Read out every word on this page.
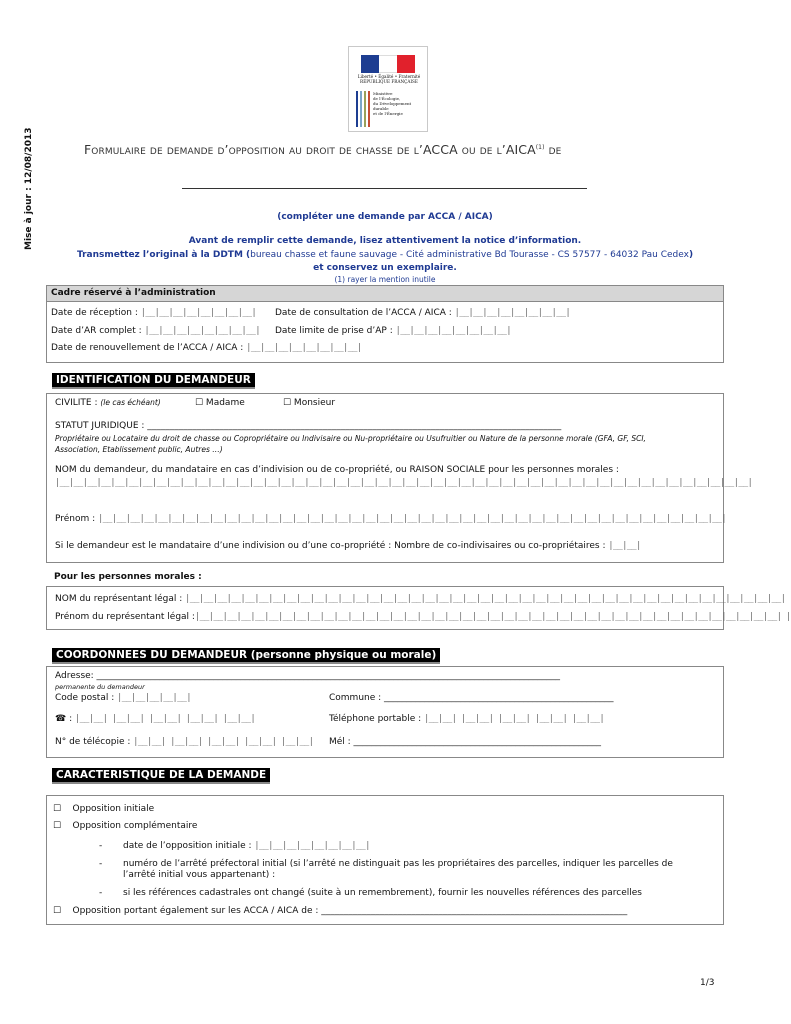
Mise à jour : 12/08/2013
Liberté • Égalité • Fraternité
RÉPUBLIQUE FRANÇAISE
Ministère
de l'Écologie,
du Développement
durable
et de l'Énergie
Formulaire de demande d’opposition au droit de chasse de l’ACCA ou de l’AICA$^{(1)}$ de
(compléter une demande par ACCA / AICA)
Avant de remplir cette demande, lisez attentivement la notice d’information.
Transmettez l’original à la DDTM (bureau chasse et faune sauvage - Cité administrative Bd Tourasse - CS 57577 - 64032 Pau Cedex)
et conservez un exemplaire.
(1) rayer la mention inutile
Cadre réservé à l’administration
Date de réception : |__|__|__|__|__|__|__|__| Date de consultation de l’ACCA / AICA : |__|__|__|__|__|__|__|__|
Date d’AR complet : |__|__|__|__|__|__|__|__| Date limite de prise d’AP : |__|__|__|__|__|__|__|__|
Date de renouvellement de l’ACCA / AICA : |__|__|__|__|__|__|__|__|
IDENTIFICATION DU DEMANDEUR
CIVILITE : (le cas échéant)	☐ Madame	☐ Monsieur
STATUT JURIDIQUE : ____________________________________________________________________________________________
Propriétaire ou Locataire du droit de chasse ou Copropriétaire ou Indivisaire ou Nu-propriétaire ou Usufruitier ou Nature de la personne morale (GFA, GF, SCI,
Association, Etablissement public, Autres …)
NOM du demandeur, du mandataire en cas d’indivision ou de co-propriété, ou RAISON SOCIALE pour les personnes morales :
|__|__|__|__|__|__|__|__|__|__|__|__|__|__|__|__|__|__|__|__|__|__|__|__|__|__|__|__|__|__|__|__|__|__|__|__|__|__|__|__|__|__|__|__|__|__|__|__|__|__|
Prénom : |__|__|__|__|__|__|__|__|__|__|__|__|__|__|__|__|__|__|__|__|__|__|__|__|__|__|__|__|__|__|__|__|__|__|__|__|__|__|__|__|__|__|__|__|__|
Si le demandeur est le mandataire d’une indivision ou d’une co-propriété : Nombre de co-indivisaires ou co-propriétaires : |__|__|
Pour les personnes morales :
NOM du représentant légal : |__|__|__|__|__|__|__|__|__|__|__|__|__|__|__|__|__|__|__|__|__|__|__|__|__|__|__|__|__|__|__|__|__|__|__|__|__|__|__|__|__|__|__|
Prénom du représentant légal :|__|__|__|__|__|__|__|__|__|__|__|__|__|__|__|__|__|__|__|__|__|__|__|__|__|__|__|__|__|__|__|__|__|__|__|__|__|__|__|__|__|__| |
COORDONNEES DU DEMANDEUR (personne physique ou morale)
Adresse: _______________________________________________________________________________________________________
permanente du demandeur
Code postal : |__|__|__|__|__|	Commune : ___________________________________________________
☎ : |__|__| |__|__| |__|__| |__|__| |__|__|	Téléphone portable : |__|__| |__|__| |__|__| |__|__| |__|__|
N° de télécopie : |__|__| |__|__| |__|__| |__|__| |__|__| Mél : _______________________________________________________
CARACTERISTIQUE DE LA DEMANDE
☐ Opposition initiale
☐ Opposition complémentaire
- date de l’opposition initiale : |__|__|__|__|__|__|__|__|
- numéro de l’arrêté préfectoral initial (si l’arrêté ne distinguait pas les propriétaires des parcelles, indiquer les parcelles de
l’arrêté initial vous appartenant) :
- si les références cadastrales ont changé (suite à un remembrement), fournir les nouvelles références des parcelles
☐ Opposition portant également sur les ACCA / AICA de : ____________________________________________________________________
1/3
